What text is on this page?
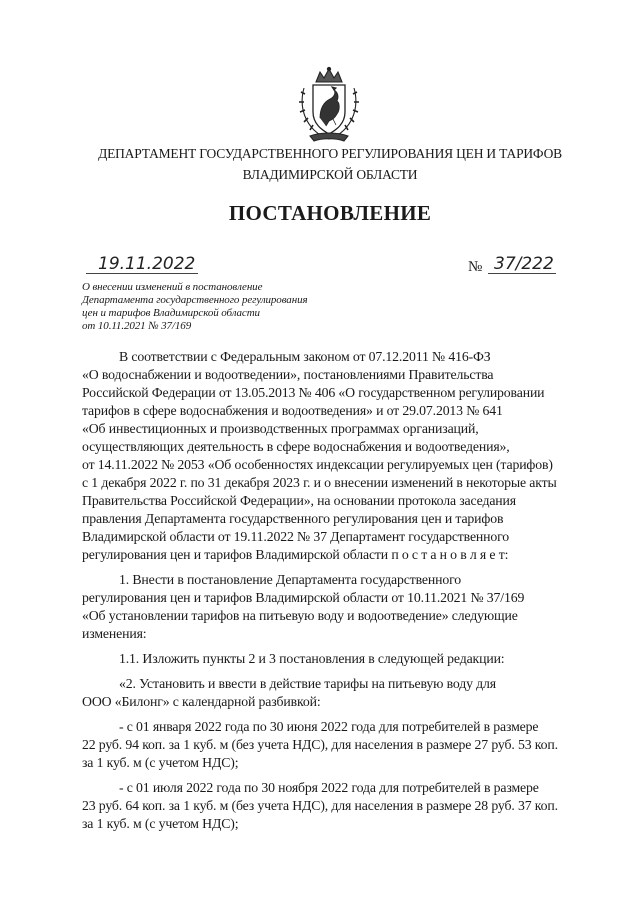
ДЕПАРТАМЕНТ ГОСУДАРСТВЕННОГО РЕГУЛИРОВАНИЯ ЦЕН И ТАРИФОВ
ВЛАДИМИРСКОЙ ОБЛАСТИ
ПОСТАНОВЛЕНИЕ
19.11.2022	№ 37/222
О внесении изменений в постановление
Департамента государственного регулирования
цен и тарифов Владимирской области
от 10.11.2021 № 37/169
В соответствии с Федеральным законом от 07.12.2011 № 416-ФЗ
«О водоснабжении и водоотведении», постановлениями Правительства
Российской Федерации от 13.05.2013 № 406 «О государственном регулировании
тарифов в сфере водоснабжения и водоотведения» и от 29.07.2013 № 641
«Об инвестиционных и производственных программах организаций,
осуществляющих деятельность в сфере водоснабжения и водоотведения»,
от 14.11.2022 № 2053 «Об особенностях индексации регулируемых цен (тарифов)
с 1 декабря 2022 г. по 31 декабря 2023 г. и о внесении изменений в некоторые акты
Правительства Российской Федерации», на основании протокола заседания
правления Департамента государственного регулирования цен и тарифов
Владимирской области от 19.11.2022 № 37 Департамент государственного
регулирования цен и тарифов Владимирской области п о с т а н о в л я е т:
1. Внести в постановление Департамента государственного
регулирования цен и тарифов Владимирской области от 10.11.2021 № 37/169
«Об установлении тарифов на питьевую воду и водоотведение» следующие
изменения:
1.1. Изложить пункты 2 и 3 постановления в следующей редакции:
«2. Установить и ввести в действие тарифы на питьевую воду для
ООО «Билонг» с календарной разбивкой:
- с 01 января 2022 года по 30 июня 2022 года для потребителей в размере
22 руб. 94 коп. за 1 куб. м (без учета НДС), для населения в размере 27 руб. 53 коп.
за 1 куб. м (с учетом НДС);
- с 01 июля 2022 года по 30 ноября 2022 года для потребителей в размере
23 руб. 64 коп. за 1 куб. м (без учета НДС), для населения в размере 28 руб. 37 коп.
за 1 куб. м (с учетом НДС);
